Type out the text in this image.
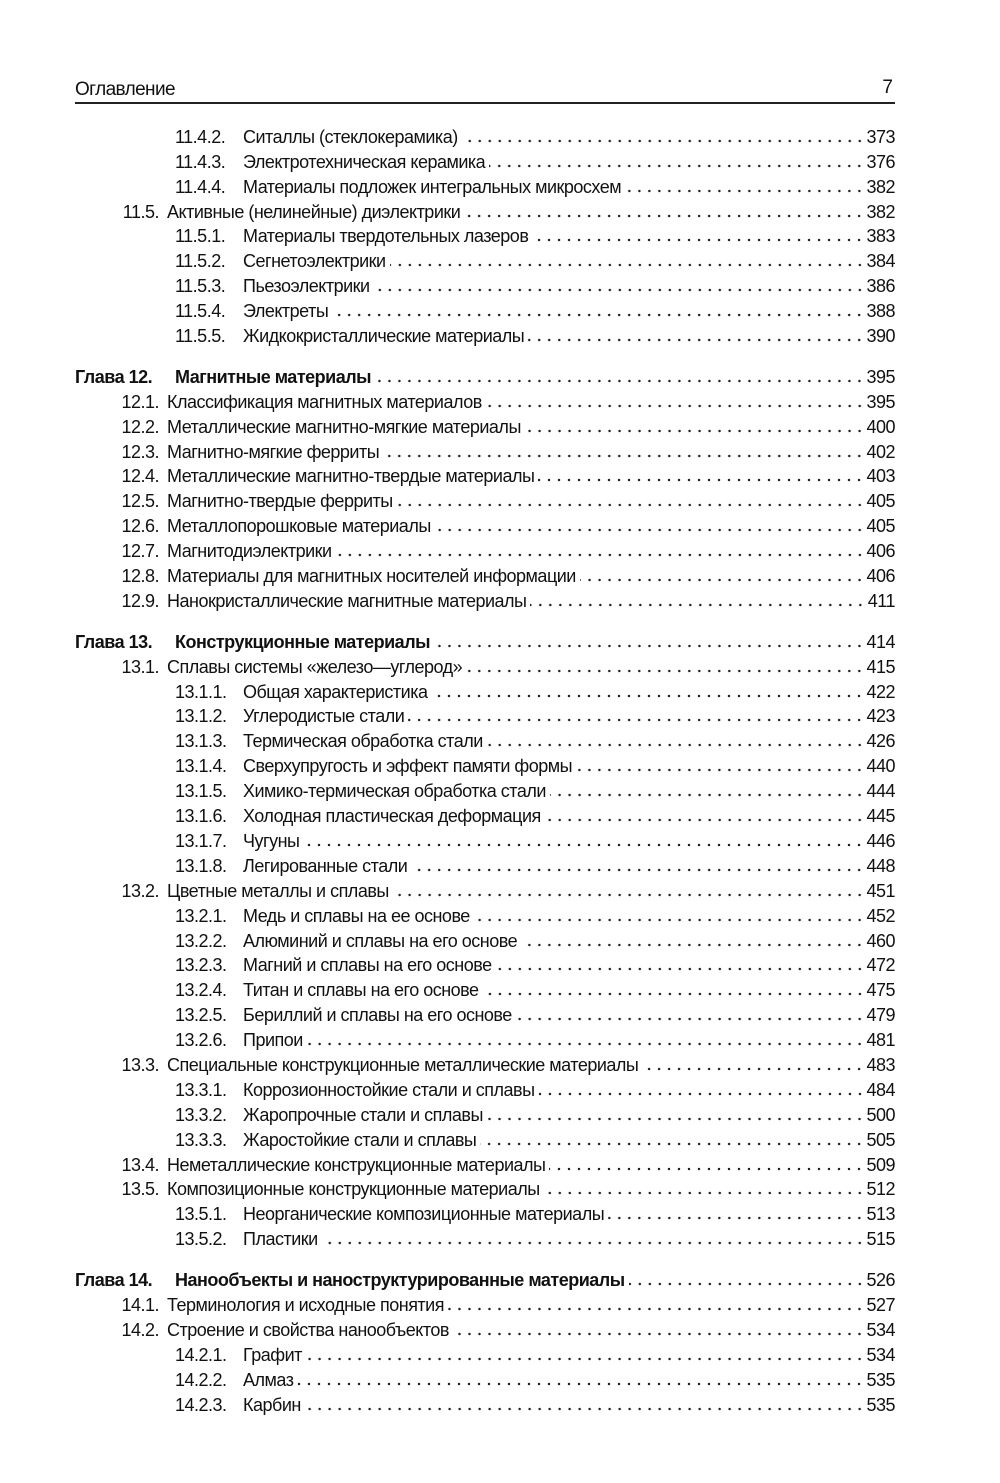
Оглавление	7
11.4.2. Ситаллы (стеклокерамика)	373
11.4.3. Электротехническая керамика	376
11.4.4. Материалы подложек интегральных микросхем	382
11.5. Активные (нелинейные) диэлектрики	382
11.5.1. Материалы твердотельных лазеров	383
11.5.2. Сегнетоэлектрики	384
11.5.3. Пьезоэлектрики	386
11.5.4. Электреты	388
11.5.5. Жидкокристаллические материалы	390
Глава 12.	Магнитные материалы	395
12.1. Классификация магнитных материалов	395
12.2. Металлические магнитно-мягкие материалы	400
12.3. Магнитно-мягкие ферриты	402
12.4. Металлические магнитно-твердые материалы	403
12.5. Магнитно-твердые ферриты	405
12.6. Металлопорошковые материалы	405
12.7. Магнитодиэлектрики	406
12.8. Материалы для магнитных носителей информации	406
12.9. Нанокристаллические магнитные материалы	411
Глава 13.	Конструкционные материалы	414
13.1. Сплавы системы «железо—углерод»	415
13.1.1. Общая характеристика	422
13.1.2. Углеродистые стали	423
13.1.3. Термическая обработка стали	426
13.1.4. Сверхупругость и эффект памяти формы	440
13.1.5. Химико-термическая обработка стали	444
13.1.6. Холодная пластическая деформация	445
13.1.7. Чугуны	446
13.1.8. Легированные стали	448
13.2. Цветные металлы и сплавы	451
13.2.1. Медь и сплавы на ее основе	452
13.2.2. Алюминий и сплавы на его основе	460
13.2.3. Магний и сплавы на его основе	472
13.2.4. Титан и сплавы на его основе	475
13.2.5. Бериллий и сплавы на его основе	479
13.2.6. Припои	481
13.3. Специальные конструкционные металлические материалы	483
13.3.1. Коррозионностойкие стали и сплавы	484
13.3.2. Жаропрочные стали и сплавы	500
13.3.3. Жаростойкие стали и сплавы	505
13.4. Неметаллические конструкционные материалы	509
13.5. Композиционные конструкционные материалы	512
13.5.1. Неорганические композиционные материалы	513
13.5.2. Пластики	515
Глава 14.	Нанообъекты и наноструктурированные материалы	526
14.1. Терминология и исходные понятия	527
14.2. Строение и свойства нанообъектов	534
14.2.1. Графит	534
14.2.2. Алмаз	535
14.2.3. Карбин	535
